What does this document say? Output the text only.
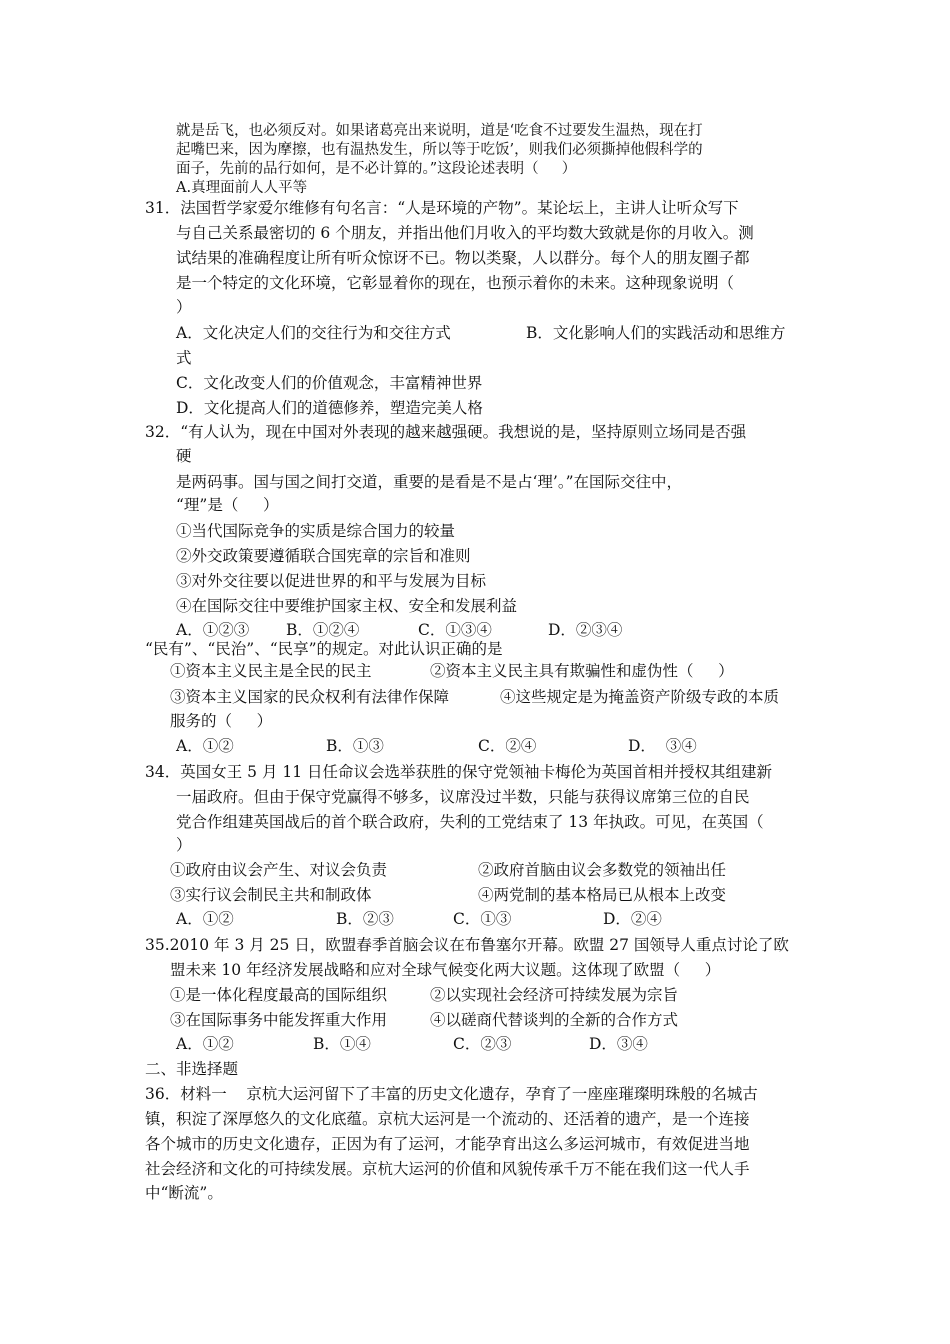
就是岳飞，也必须反对。如果诸葛亮出来说明，道是‘吃食不过要发生温热，现在打
起嘴巴来，因为摩擦，也有温热发生，所以等于吃饭’，则我们必须撕掉他假科学的
面子，先前的品行如何，是不必计算的。”这段论述表明（     ）
A.真理面前人人平等
31．法国哲学家爱尔维修有句名言：“人是环境的产物”。某论坛上，主讲人让听众写下
与自己关系最密切的 6 个朋友，并指出他们月收入的平均数大致就是你的月收入。测
试结果的准确程度让所有听众惊讶不已。物以类聚，人以群分。每个人的朋友圈子都
是一个特定的文化环境，它彰显着你的现在，也预示着你的未来。这种现象说明（
）
A．文化决定人们的交往行为和交往方式	B．文化影响人们的实践活动和思维方
式
C．文化改变人们的价值观念，丰富精神世界
D．文化提高人们的道德修养，塑造完美人格
32．“有人认为，现在中国对外表现的越来越强硬。我想说的是，坚持原则立场同是否强
硬
是两码事。国与国之间打交道，重要的是看是不是占‘理’。”在国际交往中，
“理”是（     ）
①当代国际竞争的实质是综合国力的较量
②外交政策要遵循联合国宪章的宗旨和准则
③对外交往要以促进世界的和平与发展为目标
④在国际交往中要维护国家主权、安全和发展利益
A．①②③ B．①②④	C．①③④	D．②③④
“民有”、“民治”、“民享”的规定。对此认识正确的是
①资本主义民主是全民的民主	②资本主义民主具有欺骗性和虚伪性（     ）
③资本主义国家的民众权利有法律作保障	④这些规定是为掩盖资产阶级专政的本质
服务的（     ）
A．①②	B．①③	C．②④	D．  ③④
34．英国女王 5 月 11 日任命议会选举获胜的保守党领袖卡梅伦为英国首相并授权其组建新
一届政府。但由于保守党赢得不够多，议席没过半数，只能与获得议席第三位的自民
党合作组建英国战后的首个联合政府，失利的工党结束了 13 年执政。可见，在英国（
）
①政府由议会产生、对议会负责	②政府首脑由议会多数党的领袖出任
③实行议会制民主共和制政体	④两党制的基本格局已从根本上改变
A．①②	B．②③	C．①③	D．②④
35.2010 年 3 月 25 日，欧盟春季首脑会议在布鲁塞尔开幕。欧盟 27 国领导人重点讨论了欧
盟未来 10 年经济发展战略和应对全球气候变化两大议题。这体现了欧盟（     ）
①是一体化程度最高的国际组织	②以实现社会经济可持续发展为宗旨
③在国际事务中能发挥重大作用	④以磋商代替谈判的全新的合作方式
A．①②	B．①④	C．②③	D．③④
二、非选择题
36．材料一    京杭大运河留下了丰富的历史文化遗存，孕育了一座座璀璨明珠般的名城古
镇，积淀了深厚悠久的文化底蕴。京杭大运河是一个流动的、还活着的遗产，是一个连接
各个城市的历史文化遗存，正因为有了运河，才能孕育出这么多运河城市，有效促进当地
社会经济和文化的可持续发展。京杭大运河的价值和风貌传承千万不能在我们这一代人手
中“断流”。
